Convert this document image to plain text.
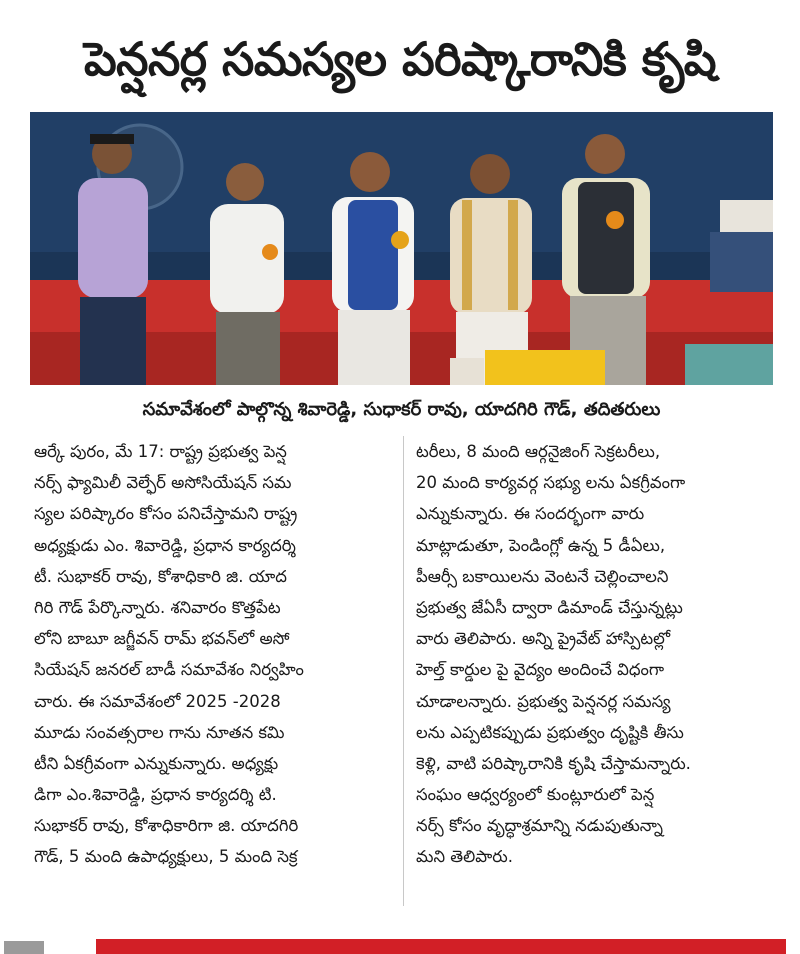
పెన్షనర్ల సమస్యల పరిష్కారానికి కృషి
సమావేశంలో పాల్గొన్న శివారెడ్డి, సుధాకర్ రావు, యాదగిరి గౌడ్, తదితరులు
ఆర్కే పురం, మే 17: రాష్ట్ర ప్రభుత్వ పెన్ష
నర్స్ ఫ్యామిలీ వెల్ఫేర్ అసోసియేషన్ సమ
స్యల పరిష్కారం కోసం పనిచేస్తామని రాష్ట్ర
అధ్యక్షుడు ఎం. శివారెడ్డి, ప్రధాన కార్యదర్శి
టీ. సుభాకర్ రావు, కోశాధికారి జి. యాద
గిరి గౌడ్ పేర్కొన్నారు. శనివారం కొత్తపేట
లోని బాబూ జగ్జీవన్ రామ్ భవన్‌లో అసో
సియేషన్ జనరల్ బాడీ సమావేశం నిర్వహిం
చారు. ఈ సమావేశంలో 2025 -2028
మూడు సంవత్సరాల గాను నూతన కమి
టీని ఏకగ్రీవంగా ఎన్నుకున్నారు. అధ్యక్షు
డిగా ఎం.శివారెడ్డి, ప్రధాన కార్యదర్శి టి.
సుభాకర్ రావు, కోశాధికారిగా జి. యాదగిరి
గౌడ్, 5 మంది ఉపాధ్యక్షులు, 5 మంది సెక్ర
టరీలు, 8 మంది ఆర్గనైజింగ్ సెక్రటరీలు,
20 మంది కార్యవర్గ సభ్యు లను ఏకగ్రీవంగా
ఎన్నుకున్నారు. ఈ సందర్భంగా వారు
మాట్లాడుతూ, పెండింగ్లో ఉన్న 5 డీఏలు,
పీఆర్సీ బకాయిలను వెంటనే చెల్లించాలని
ప్రభుత్వ జేఏసీ ద్వారా డిమాండ్ చేస్తున్నట్లు
వారు తెలిపారు. అన్ని ప్రైవేట్ హాస్పిటల్లో
హెల్త్ కార్డుల పై వైద్యం అందించే విధంగా
చూడాలన్నారు. ప్రభుత్వ పెన్షనర్ల సమస్య
లను ఎప్పటికప్పుడు ప్రభుత్వం దృష్టికి తీసు
కెళ్లి, వాటి పరిష్కారానికి కృషి చేస్తామన్నారు.
సంఘం ఆధ్వర్యంలో కుంట్లూరులో పెన్ష
నర్స్ కోసం వృద్ధాశ్రమాన్ని నడుపుతున్నా
మని తెలిపారు.
